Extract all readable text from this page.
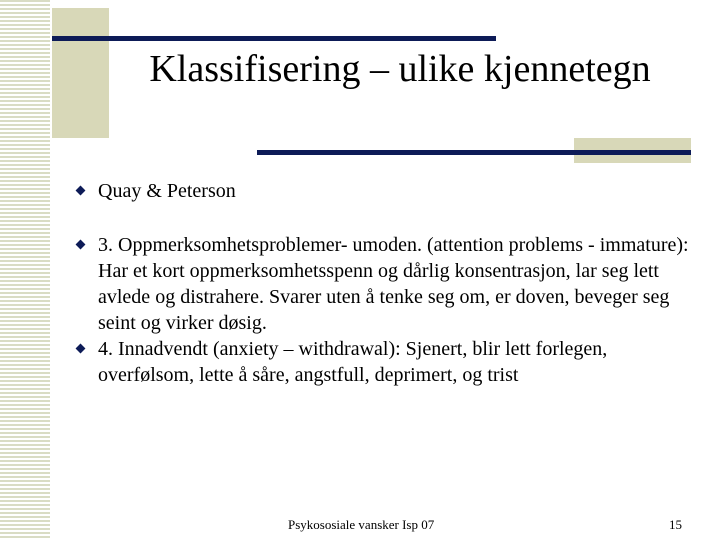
Klassifisering – ulike kjennetegn
Quay & Peterson
3. Oppmerksomhetsproblemer- umoden. (attention problems - immature): Har et kort oppmerksomhetsspenn og dårlig konsentrasjon, lar seg lett avlede og distrahere. Svarer uten å tenke seg om, er doven, beveger seg seint og virker døsig.
4. Innadvendt (anxiety – withdrawal): Sjenert, blir lett forlegen, overfølsom, lette å såre, angstfull, deprimert, og trist
Psykososiale vansker Isp 07	15
